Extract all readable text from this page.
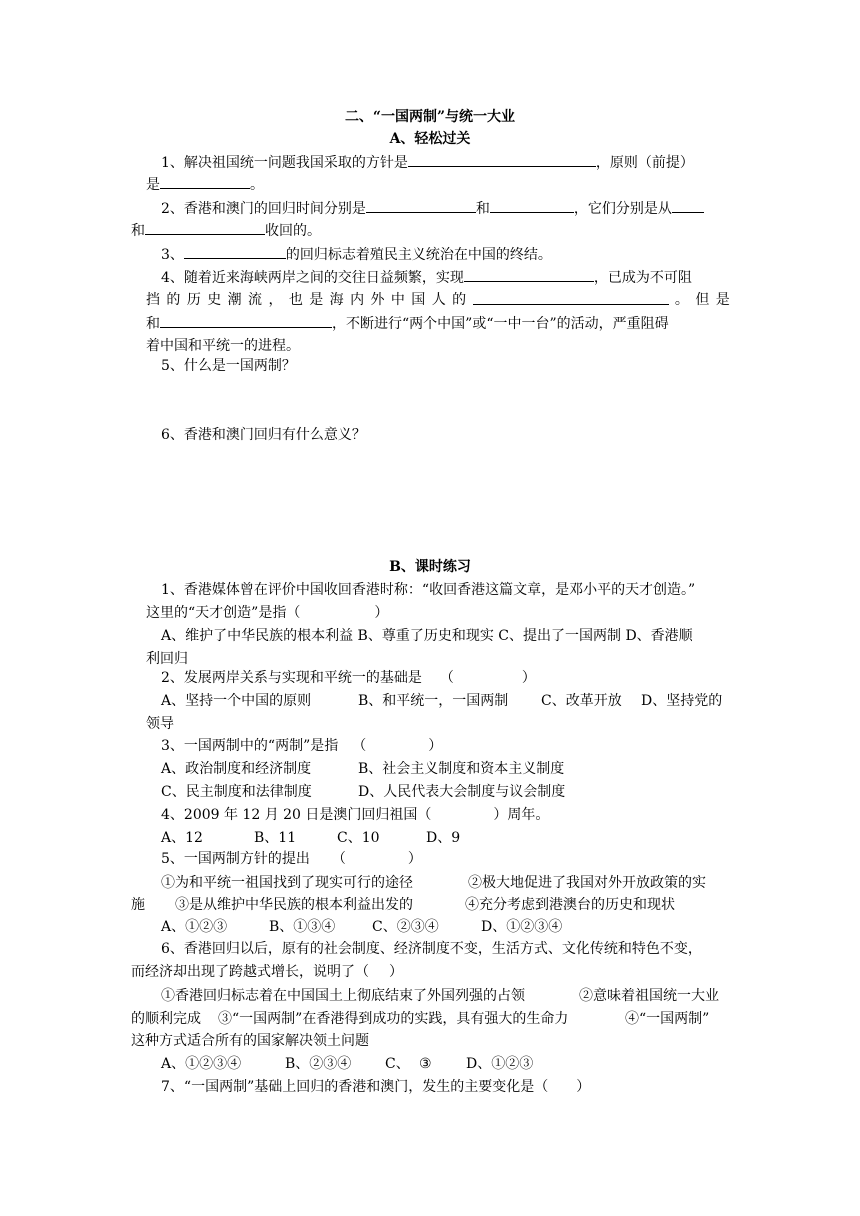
二、“一国两制”与统一大业
A、轻松过关
1、解决祖国统一问题我国采取的方针是	，原则（前提）
是	。
2、香港和澳门的回归时间分别是	和	，它们分别是从
和	收回的。
3、	的回归标志着殖民主义统治在中国的终结。
4、随着近来海峡两岸之间的交往日益频繁，实现	，已成为不可阻
挡 的 历 史 潮 流 ， 也 是 海 内 外 中 国 人 的	。 但 是
和	，不断进行“两个中国”或“一中一台”的活动，严重阻碍
着中国和平统一的进程。
5、什么是一国两制？
6、香港和澳门回归有什么意义？
B、课时练习
1、香港媒体曾在评价中国收回香港时称：“收回香港这篇文章，是邓小平的天才创造。”
这里的“天才创造”是指（	）
A、维护了中华民族的根本利益 B、尊重了历史和现实 C、提出了一国两制 D、香港顺
利回归
2、发展两岸关系与实现和平统一的基础是 （	）
A、坚持一个中国的原则	B、和平统一，一国两制 C、改革开放 D、坚持党的
领导
3、一国两制中的“两制”是指 （	）
A、政治制度和经济制度	B、社会主义制度和资本主义制度
C、民主制度和法律制度	D、人民代表大会制度与议会制度
4、2009 年 12 月 20 日是澳门回归祖国（	）周年。
A、12	B、11	C、10	D、9
5、一国两制方针的提出 （	）
①为和平统一祖国找到了现实可行的途径	②极大地促进了我国对外开放政策的实
施 ③是从维护中华民族的根本利益出发的	④充分考虑到港澳台的历史和现状
A、①②③	B、①③④	C、②③④	D、①②③④
6、香港回归以后，原有的社会制度、经济制度不变，生活方式、文化传统和特色不变，
而经济却出现了跨越式增长，说明了（ ）
①香港回归标志着在中国国土上彻底结束了外国列强的占领	②意味着祖国统一大业
的顺利完成 ③“一国两制”在香港得到成功的实践，具有强大的生命力	④“一国两制”
这种方式适合所有的国家解决领土问题
A、①②③④	B、②③④ C、 ③ D、①②③
7、“一国两制”基础上回归的香港和澳门，发生的主要变化是（ ）
